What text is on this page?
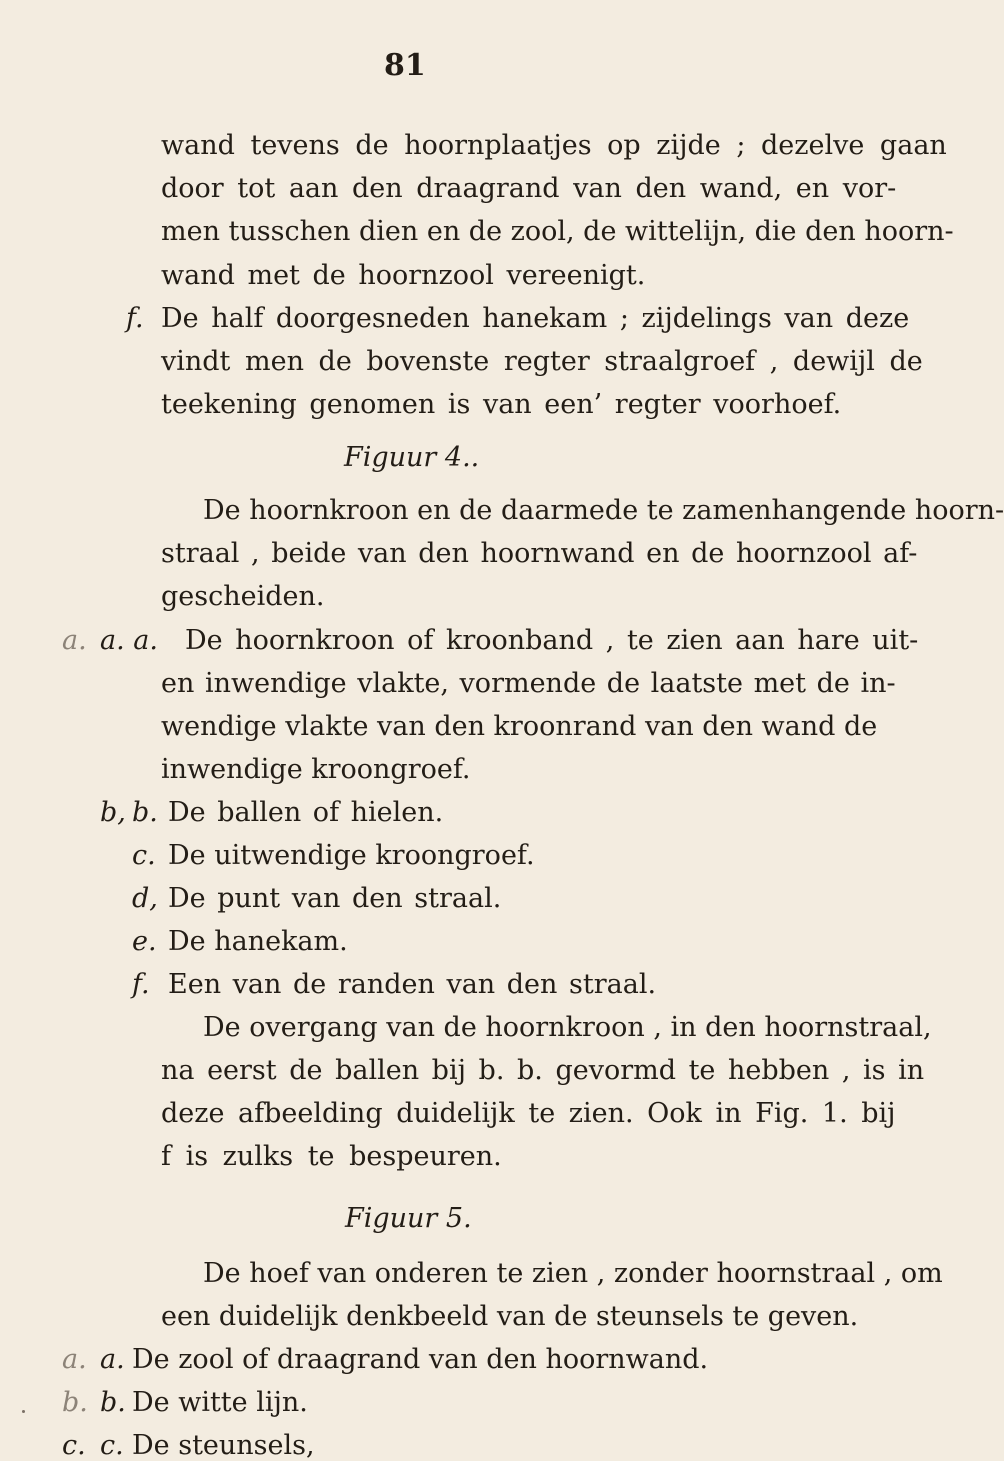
81
wand tevens de hoornplaatjes op zijde ; dezelve gaan
door tot aan den draagrand van den wand, en vor-
men tusschen dien en de zool, de wittelijn, die den hoorn-
wand met de hoornzool vereenigt.
f. De half doorgesneden hanekam ; zijdelings van deze
vindt men de bovenste regter straalgroef , dewijl de
teekening genomen is van een’ regter voorhoef.
Figuur 4..
De hoornkroon en de daarmede te zamenhangende hoorn-
straal , beide van den hoornwand en de hoornzool af-
gescheiden.
a. a. a. De hoornkroon of kroonband , te zien aan hare uit-
en inwendige vlakte, vormende de laatste met de in-
wendige vlakte van den kroonrand van den wand de
inwendige kroongroef.
b, b. De ballen of hielen.
c. De uitwendige kroongroef.
d, De punt van den straal.
e. De hanekam.
f. Een van de randen van den straal.
De overgang van de hoornkroon , in den hoornstraal,
na eerst de ballen bij b. b. gevormd te hebben , is in
deze afbeelding duidelijk te zien. Ook in Fig. 1. bij
f is zulks te bespeuren.
Figuur 5.
De hoef van onderen te zien , zonder hoornstraal , om
een duidelijk denkbeeld van de steunsels te geven.
a. a. De zool of draagrand van den hoornwand.
b. b. De witte lijn.
c. c. De steunsels,
